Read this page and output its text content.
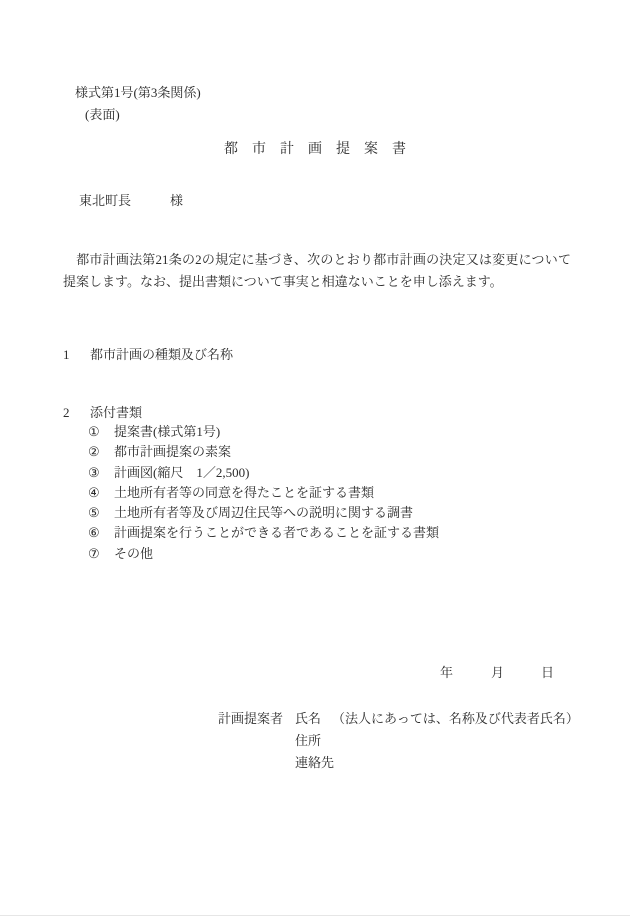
様式第1号(第3条関係)
(表面)
都　市　計　画　提　案　書
東北町長	様
　都市計画法第21条の2の規定に基づき、次のとおり都市計画の決定又は変更について提案します。なお、提出書類について事実と相違ないことを申し添えます。
1 都市計画の種類及び名称
2 添付書類
① 提案書(様式第1号)
② 都市計画提案の素案
③ 計画図(縮尺　1／2,500)
④ 土地所有者等の同意を得たことを証する書類
⑤ 土地所有者等及び周辺住民等への説明に関する調書
⑥ 計画提案を行うことができる者であることを証する書類
⑦ その他
年	月	日
計画提案者 氏名 （法人にあっては、名称及び代表者氏名）
住所
連絡先
